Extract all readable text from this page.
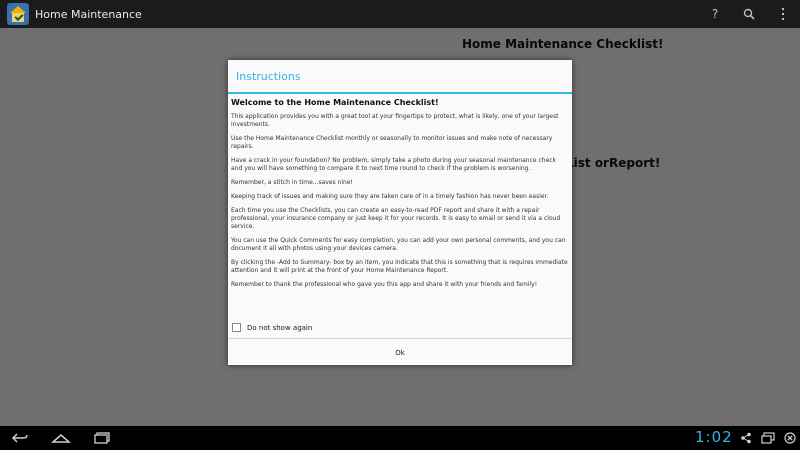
Home Maintenance	?
Instructions

Welcome to the Home Maintenance Checklist!

This application provides you with a great tool at your fingertips to protect, what is likely, one of your largest investments.

Use the Home Maintenance Checklist monthly or seasonally to monitor issues and make note of necessary repairs.

Have a crack in your foundation? No problem, simply take a photo during your seasonal maintenance check and you will have something to compare it to next time round to check if the problem is worsening.

Remember, a stitch in time...saves nine!

Keeping track of issues and making sure they are taken care of in a timely fashion has never been easier.

Each time you use the Checklists, you can create an easy-to-read PDF report and share it with a repair professional, your insurance company or just keep it for your records. It is easy to email or send it via a cloud service.

You can use the Quick Comments for easy completion, you can add your own personal comments, and you can document it all with photos using your devices camera.

By clicking the -Add to Summary- box by an item, you indicate that this is something that is requires immediate attention and it will print at the front of your Home Maintenance Report.

Remember to thank the professional who gave you this app and share it with your friends and family!

Do not show again
Ok
1:02
